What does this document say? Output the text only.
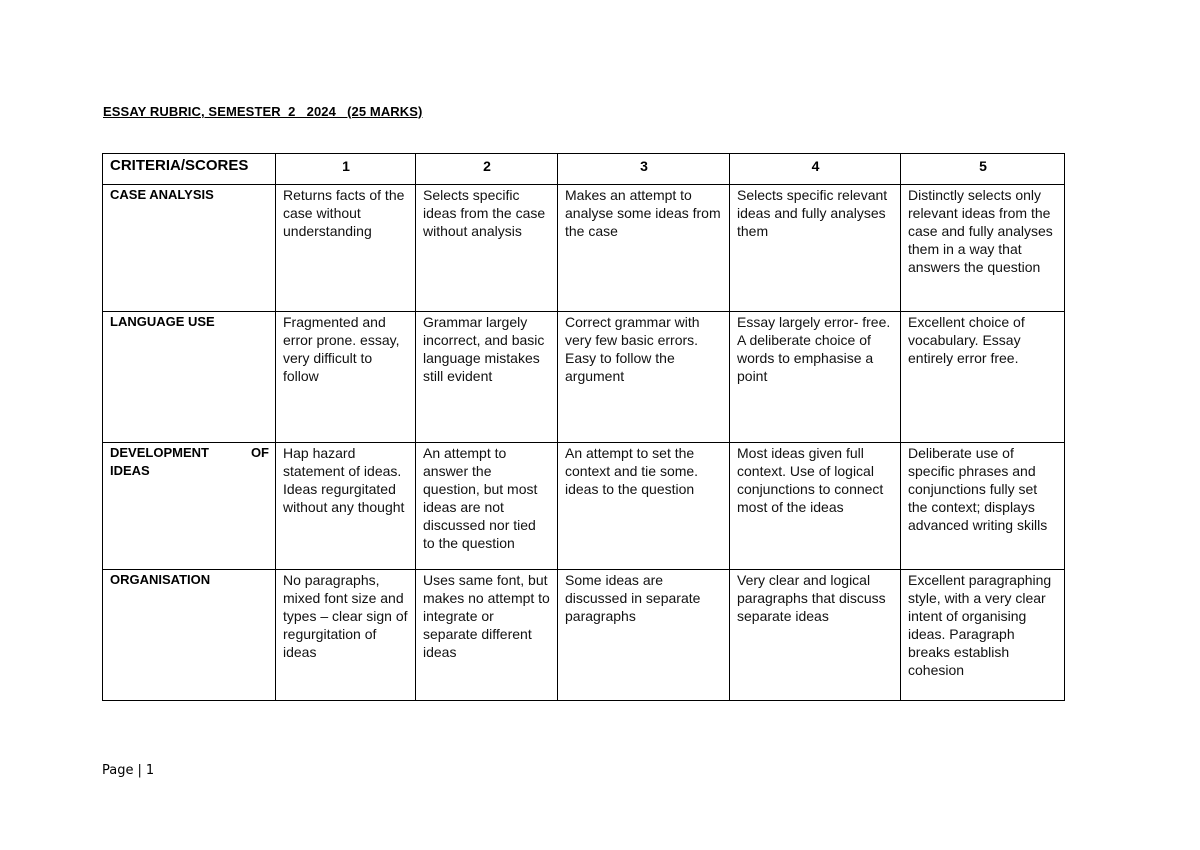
ESSAY RUBRIC, SEMESTER  2   2024   (25 MARKS)
CRITERIA/SCORES	1	2	3	4	5
CASE ANALYSIS	Returns facts of the case without understanding	Selects specific ideas from the case without analysis	Makes an attempt to analyse some ideas from the case	Selects specific relevant ideas and fully analyses them	Distinctly selects only relevant ideas from the case and fully analyses them in a way that answers the question
LANGUAGE USE	Fragmented and error prone. essay, very difficult to follow	Grammar largely incorrect, and basic language mistakes still evident	Correct grammar with very few basic errors. Easy to follow the argument	Essay largely error- free. A deliberate choice of words to emphasise a point	Excellent choice of vocabulary. Essay entirely error free.
DEVELOPMENT OF IDEAS	Hap hazard statement of ideas. Ideas regurgitated without any thought	An attempt to answer the question, but most ideas are not discussed nor tied to the question	An attempt to set the context and tie some. ideas to the question	Most ideas given full context. Use of logical conjunctions to connect most of the ideas	Deliberate use of specific phrases and conjunctions fully set the context; displays advanced writing skills
ORGANISATION	No paragraphs, mixed font size and types – clear sign of regurgitation of ideas	Uses same font, but makes no attempt to integrate or separate different ideas	Some ideas are discussed in separate paragraphs	Very clear and logical paragraphs that discuss separate ideas	Excellent paragraphing style, with a very clear intent of organising ideas. Paragraph breaks establish cohesion
Page | 1
